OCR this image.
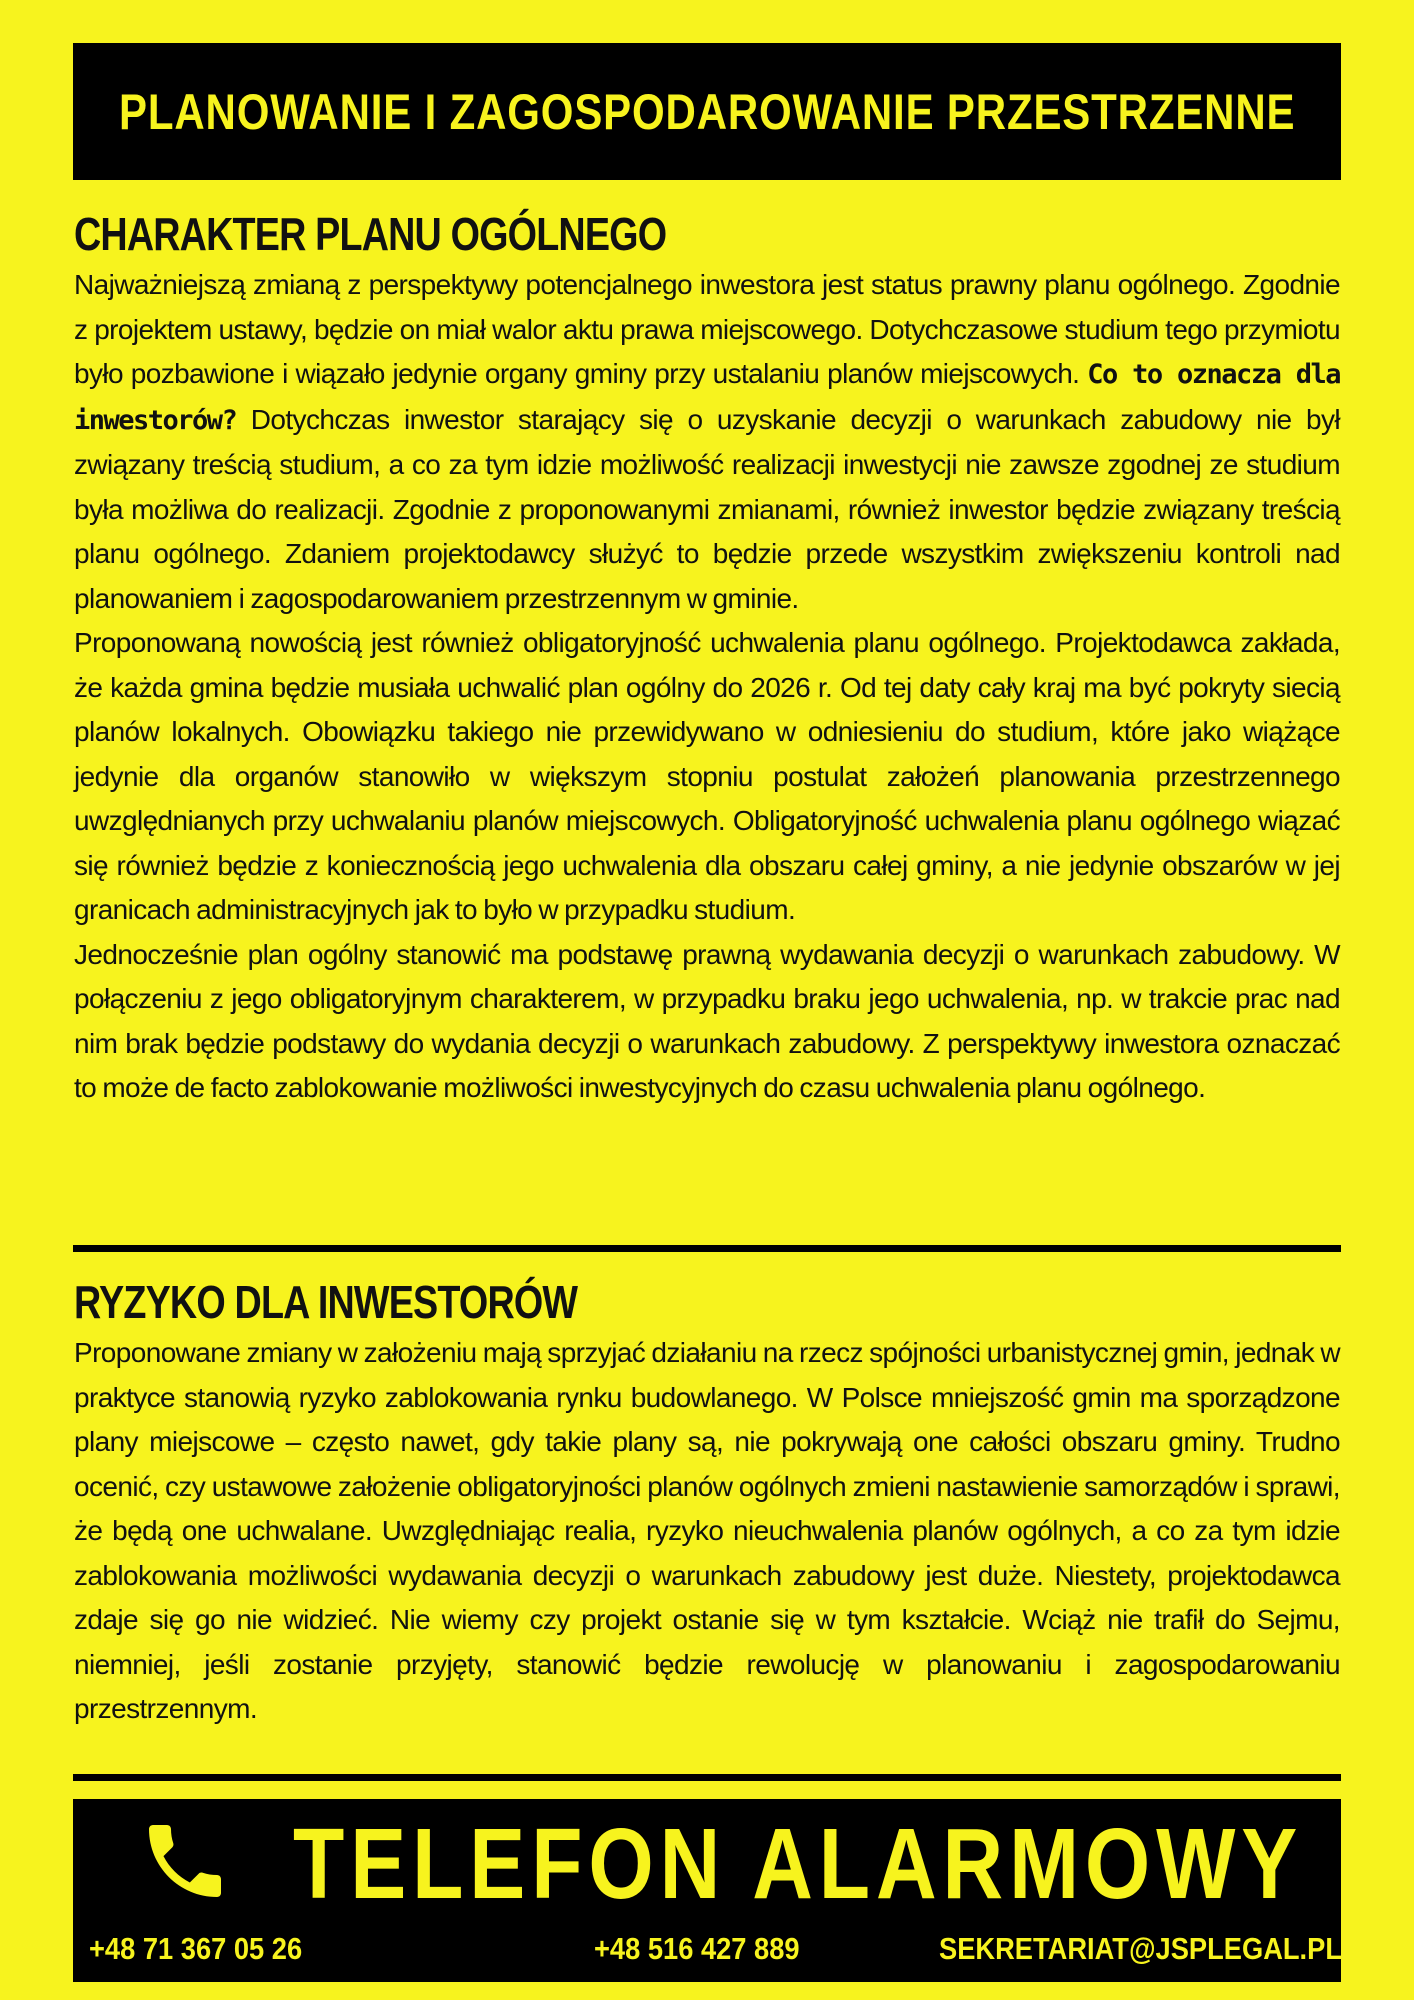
PLANOWANIE I ZAGOSPODAROWANIE PRZESTRZENNE
CHARAKTER PLANU OGÓLNEGO

Najważniejszą zmianą z perspektywy potencjalnego inwestora jest status prawny planu ogólnego. Zgodnie z projektem ustawy, będzie on miał walor aktu prawa miejscowego. Dotychczasowe studium tego przymiotu było pozbawione i wiązało jedynie organy gminy przy ustalaniu planów miejscowych. Co to oznacza dla inwestorów? Dotychczas inwestor starający się o uzyskanie decyzji o warunkach zabudowy nie był związany treścią studium, a co za tym idzie możliwość realizacji inwestycji nie zawsze zgodnej ze studium była możliwa do realizacji. Zgodnie z proponowanymi zmianami, również inwestor będzie związany treścią planu ogólnego. Zdaniem projektodawcy służyć to będzie przede wszystkim zwiększeniu kontroli nad planowaniem i zagospodarowaniem przestrzennym w gminie.

Proponowaną nowością jest również obligatoryjność uchwalenia planu ogólnego. Projektodawca zakłada, że każda gmina będzie musiała uchwalić plan ogólny do 2026 r. Od tej daty cały kraj ma być pokryty siecią planów lokalnych. Obowiązku takiego nie przewidywano w odniesieniu do studium, które jako wiążące jedynie dla organów stanowiło w większym stopniu postulat założeń planowania przestrzennego uwzględnianych przy uchwalaniu planów miejscowych. Obligatoryjność uchwalenia planu ogólnego wiązać się również będzie z koniecznością jego uchwalenia dla obszaru całej gminy, a nie jedynie obszarów w jej granicach administracyjnych jak to było w przypadku studium.

Jednocześnie plan ogólny stanowić ma podstawę prawną wydawania decyzji o warunkach zabudowy. W połączeniu z jego obligatoryjnym charakterem, w przypadku braku jego uchwalenia, np. w trakcie prac nad nim brak będzie podstawy do wydania decyzji o warunkach zabudowy. Z perspektywy inwestora oznaczać to może de facto zablokowanie możliwości inwestycyjnych do czasu uchwalenia planu ogólnego.

RYZYKO DLA INWESTORÓW

Proponowane zmiany w założeniu mają sprzyjać działaniu na rzecz spójności urbanistycznej gmin, jednak w praktyce stanowią ryzyko zablokowania rynku budowlanego. W Polsce mniejszość gmin ma sporządzone plany miejscowe – często nawet, gdy takie plany są, nie pokrywają one całości obszaru gminy. Trudno ocenić, czy ustawowe założenie obligatoryjności planów ogólnych zmieni nastawienie samorządów i sprawi, że będą one uchwalane. Uwzględniając realia, ryzyko nieuchwalenia planów ogólnych, a co za tym idzie zablokowania możliwości wydawania decyzji o warunkach zabudowy jest duże. Niestety, projektodawca zdaje się go nie widzieć. Nie wiemy czy projekt ostanie się w tym kształcie. Wciąż nie trafił do Sejmu, niemniej, jeśli zostanie przyjęty, stanowić będzie rewolucję w planowaniu i zagospodarowaniu przestrzennym.

TELEFON ALARMOWY
+48 71 367 05 26	+48 516 427 889	SEKRETARIAT@JSPLEGAL.PL
